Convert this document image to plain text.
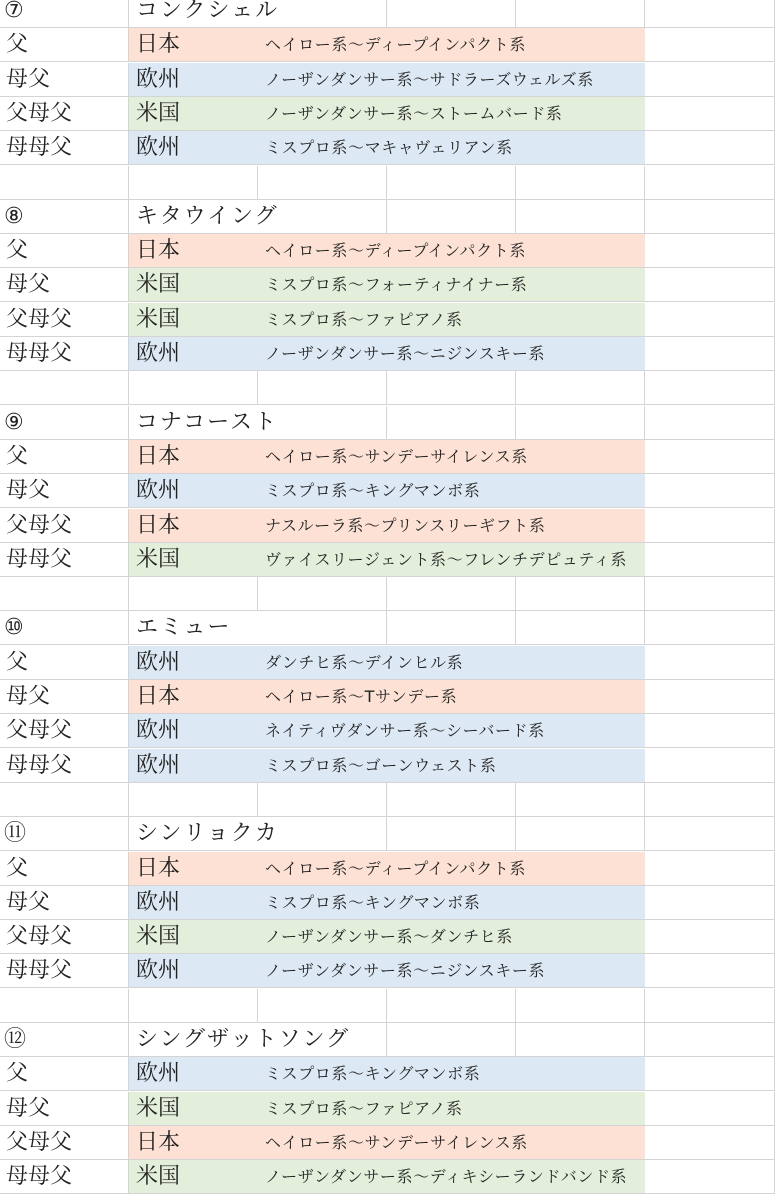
⑦	コンクシェル
父	日本	ヘイロー系〜ディープインパクト系
母父	欧州	ノーザンダンサー系〜サドラーズウェルズ系
父母父	米国	ノーザンダンサー系〜ストームバード系
母母父	欧州	ミスプロ系〜マキャヴェリアン系
⑧	キタウイング
父	日本	ヘイロー系〜ディープインパクト系
母父	米国	ミスプロ系〜フォーティナイナー系
父母父	米国	ミスプロ系〜ファピアノ系
母母父	欧州	ノーザンダンサー系〜ニジンスキー系
⑨	コナコースト
父	日本	ヘイロー系〜サンデーサイレンス系
母父	欧州	ミスプロ系〜キングマンボ系
父母父	日本	ナスルーラ系〜プリンスリーギフト系
母母父	米国	ヴァイスリージェント系〜フレンチデピュティ系
⑩	エミュー
父	欧州	ダンチヒ系〜デインヒル系
母父	日本	ヘイロー系〜Tサンデー系
父母父	欧州	ネイティヴダンサー系〜シーバード系
母母父	欧州	ミスプロ系〜ゴーンウェスト系
⑪	シンリョクカ
父	日本	ヘイロー系〜ディープインパクト系
母父	欧州	ミスプロ系〜キングマンボ系
父母父	米国	ノーザンダンサー系〜ダンチヒ系
母母父	欧州	ノーザンダンサー系〜ニジンスキー系
⑫	シングザットソング
父	欧州	ミスプロ系〜キングマンボ系
母父	米国	ミスプロ系〜ファピアノ系
父母父	日本	ヘイロー系〜サンデーサイレンス系
母母父	米国	ノーザンダンサー系〜ディキシーランドバンド系
